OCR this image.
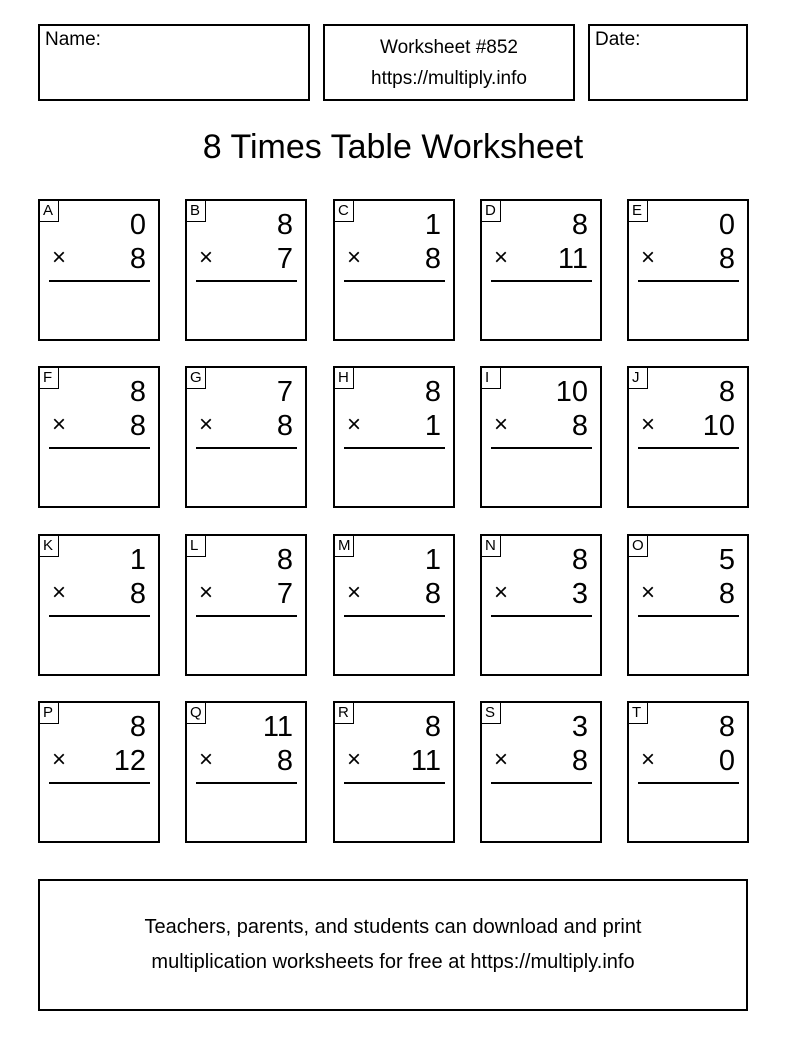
Name:	Worksheet #852
https://multiply.info
Date:
8 Times Table Worksheet
A	0
× 8
B	8
× 7
C	1
× 8
D	8
× 11
E	0
× 8
F	8
× 8
G	7
× 8
H	8
× 1
I	10
× 8
J	8
× 10
K	1
× 8
L	8
× 7
M	1
× 8
N	8
× 3
O	5
× 8
P	8
× 12
Q 11
× 8
R	8
× 11
S	3
× 8
T	8
× 0
Teachers, parents, and students can download and print
multiplication worksheets for free at https://multiply.info
